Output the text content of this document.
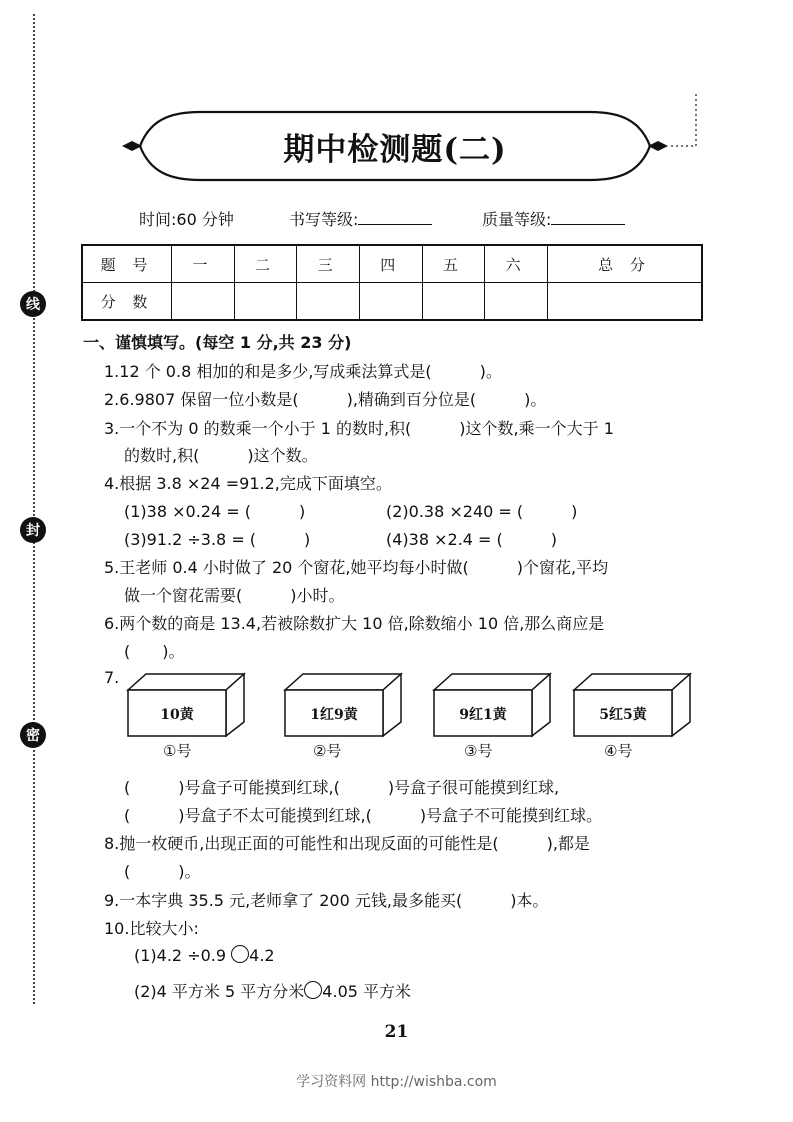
线
封
密
期中检测题(二)
时间:60 分钟	书写等级:	质量等级:
题 号	一	二	三	四	五	六	总 分
分 数							
一、谨慎填写。(每空 1 分,共 23 分)
1.12 个 0.8 相加的和是多少,写成乘法算式是(　　　)。
2.6.9807 保留一位小数是(　　　),精确到百分位是(　　　)。
3.一个不为 0 的数乘一个小于 1 的数时,积(　　　)这个数,乘一个大于 1
的数时,积(　　　)这个数。
4.根据 3.8 ×24 =91.2,完成下面填空。
(1)38 ×0.24 = (　　　)	(2)0.38 ×240 = (　　　)
(3)91.2 ÷3.8 = (　　　)	(4)38 ×2.4 = (　　　)
5.王老师 0.4 小时做了 20 个窗花,她平均每小时做(　　　)个窗花,平均
做一个窗花需要(　　　)小时。
6.两个数的商是 13.4,若被除数扩大 10 倍,除数缩小 10 倍,那么商应是
(　　)。
7.
10黄	1红9黄	9红1黄	5红5黄
①号	②号	③号	④号
(　　　)号盒子可能摸到红球,(　　　)号盒子很可能摸到红球,
(　　　)号盒子不太可能摸到红球,(　　　)号盒子不可能摸到红球。
8.抛一枚硬币,出现正面的可能性和出现反面的可能性是(　　　),都是
(　　　)。
9.一本字典 35.5 元,老师拿了 200 元钱,最多能买(　　　)本。
10.比较大小:
(1)4.2 ÷0.9 4.2
(2)4 平方米 5 平方分米 4.05 平方米
21
学习资料网 http://wishba.com
